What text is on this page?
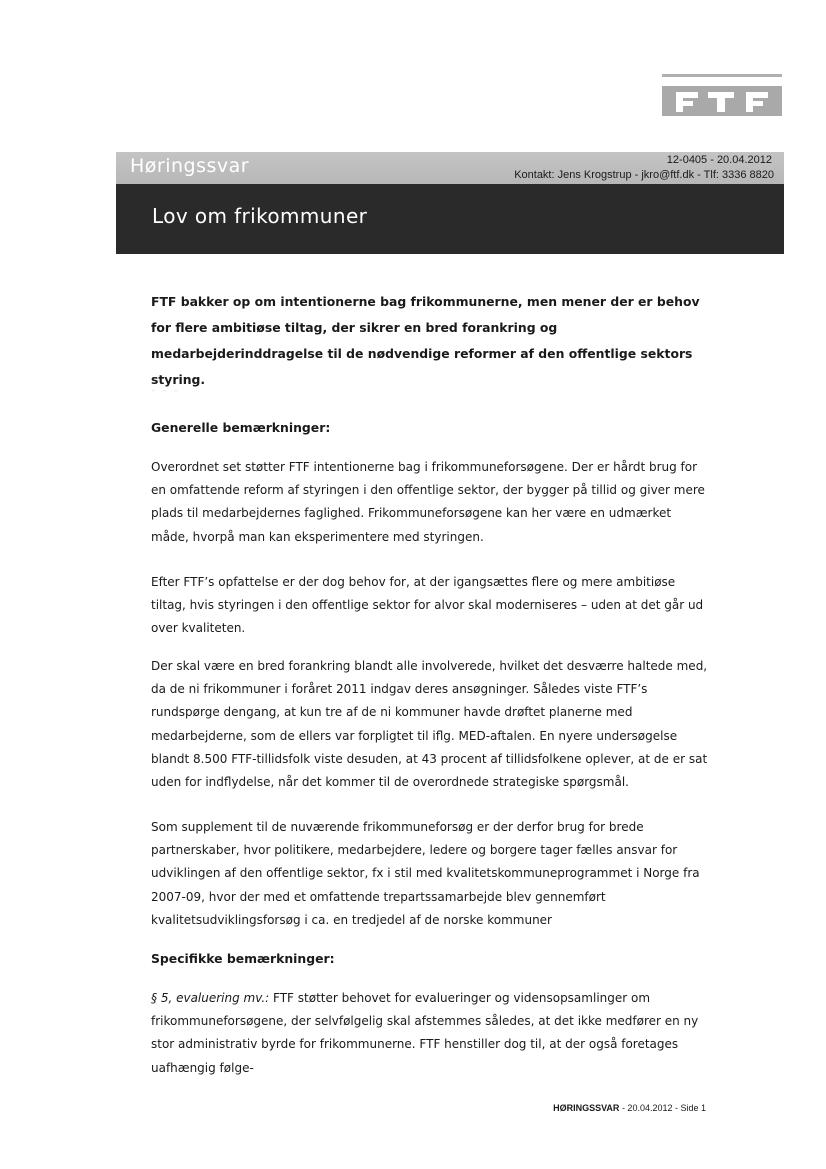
Høringssvar	12-0405 - 20.04.2012
Kontakt: Jens Krogstrup - jkro@ftf.dk - Tlf: 3336 8820
Lov om frikommuner

FTF bakker op om intentionerne bag frikommunerne, men mener der er behov for flere ambitiøse tiltag, der sikrer en bred forankring og medarbejderinddragelse til de nødvendige reformer af den offentlige sektors styring.

– – –

Generelle bemærkninger:

Overordnet set støtter FTF intentionerne bag i frikommuneforsøgene. Der er hårdt brug for en omfattende reform af styringen i den offentlige sektor, der bygger på tillid og giver mere plads til medarbejdernes faglighed. Frikommuneforsøgene kan her være en udmærket måde, hvorpå man kan eksperimentere med styringen.

Efter FTF’s opfattelse er der dog behov for, at der igangsættes flere og mere ambitiøse tiltag, hvis styringen i den offentlige sektor for alvor skal moderniseres – uden at det går ud over kvaliteten.

Der skal være en bred forankring blandt alle involverede, hvilket det desværre haltede med, da de ni frikommuner i foråret 2011 indgav deres ansøgninger. Således viste FTF’s rundspørge dengang, at kun tre af de ni kommuner havde drøftet planerne med medarbejderne, som de ellers var forpligtet til iflg. MED-aftalen. En nyere undersøgelse blandt 8.500 FTF-tillidsfolk viste desuden, at 43 procent af tillidsfolkene oplever, at de er sat uden for indflydelse, når det kommer til de overordnede strategiske spørgsmål.

Som supplement til de nuværende frikommuneforsøg er der derfor brug for brede partnerskaber, hvor politikere, medarbejdere, ledere og borgere tager fælles ansvar for udviklingen af den offentlige sektor, fx i stil med kvalitetskommuneprogrammet i Norge fra 2007-09, hvor der med et omfattende trepartssamarbejde blev gennemført kvalitetsudviklingsforsøg i ca. en tredjedel af de norske kommuner

Specifikke bemærkninger:

§ 5, evaluering mv.: FTF støtter behovet for evalueringer og vidensopsamlinger om frikommuneforsøgene, der selvfølgelig skal afstemmes således, at det ikke medfører en ny stor administrativ byrde for frikommunerne. FTF henstiller dog til, at der også foretages uafhængig følge-

HØRINGSSVAR - 20.04.2012 - Side 1
